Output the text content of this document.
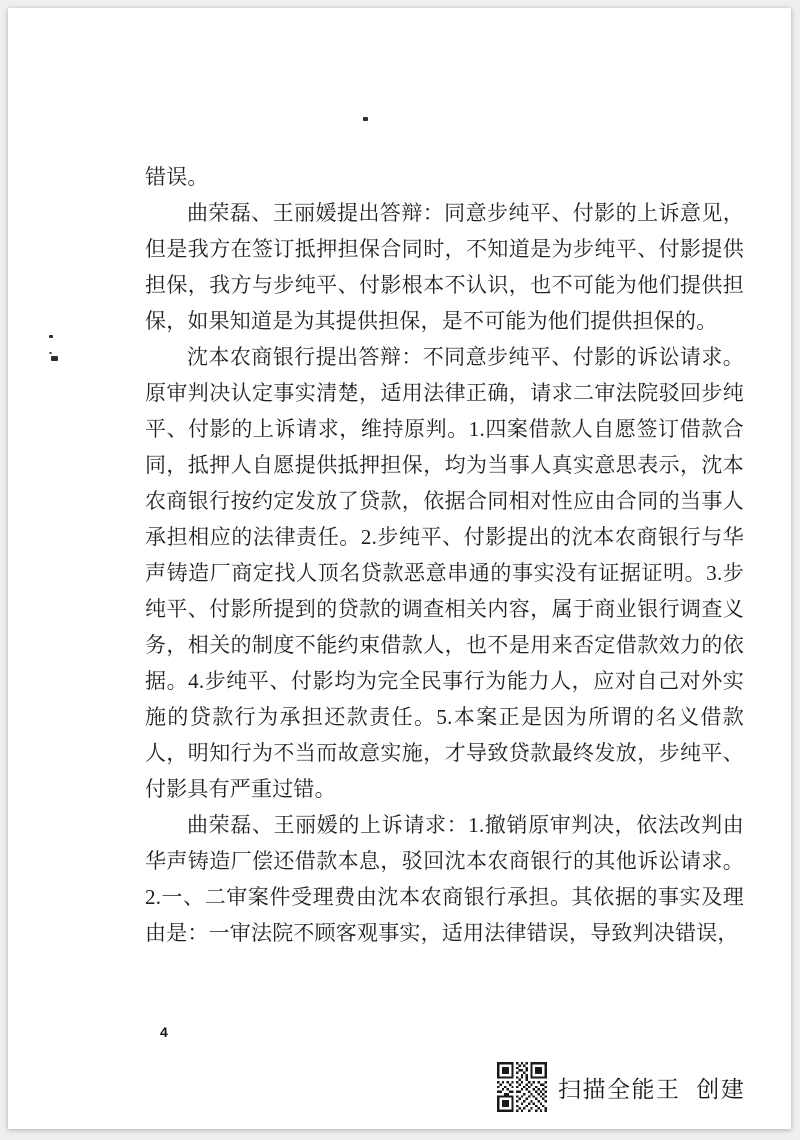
错误。

曲荣磊、王丽媛提出答辩：同意步纯平、付影的上诉意见，但是我方在签订抵押担保合同时，不知道是为步纯平、付影提供担保，我方与步纯平、付影根本不认识，也不可能为他们提供担保，如果知道是为其提供担保，是不可能为他们提供担保的。

沈本农商银行提出答辩：不同意步纯平、付影的诉讼请求。原审判决认定事实清楚，适用法律正确，请求二审法院驳回步纯平、付影的上诉请求，维持原判。1.四案借款人自愿签订借款合同，抵押人自愿提供抵押担保，均为当事人真实意思表示，沈本农商银行按约定发放了贷款，依据合同相对性应由合同的当事人承担相应的法律责任。2.步纯平、付影提出的沈本农商银行与华声铸造厂商定找人顶名贷款恶意串通的事实没有证据证明。3.步纯平、付影所提到的贷款的调查相关内容，属于商业银行调查义务，相关的制度不能约束借款人，也不是用来否定借款效力的依据。4.步纯平、付影均为完全民事行为能力人，应对自己对外实施的贷款行为承担还款责任。5.本案正是因为所谓的名义借款人，明知行为不当而故意实施，才导致贷款最终发放，步纯平、付影具有严重过错。

曲荣磊、王丽媛的上诉请求：1.撤销原审判决，依法改判由华声铸造厂偿还借款本息，驳回沈本农商银行的其他诉讼请求。2.一、二审案件受理费由沈本农商银行承担。其依据的事实及理由是：一审法院不顾客观事实，适用法律错误，导致判决错误，

4
扫描全能王  创建
